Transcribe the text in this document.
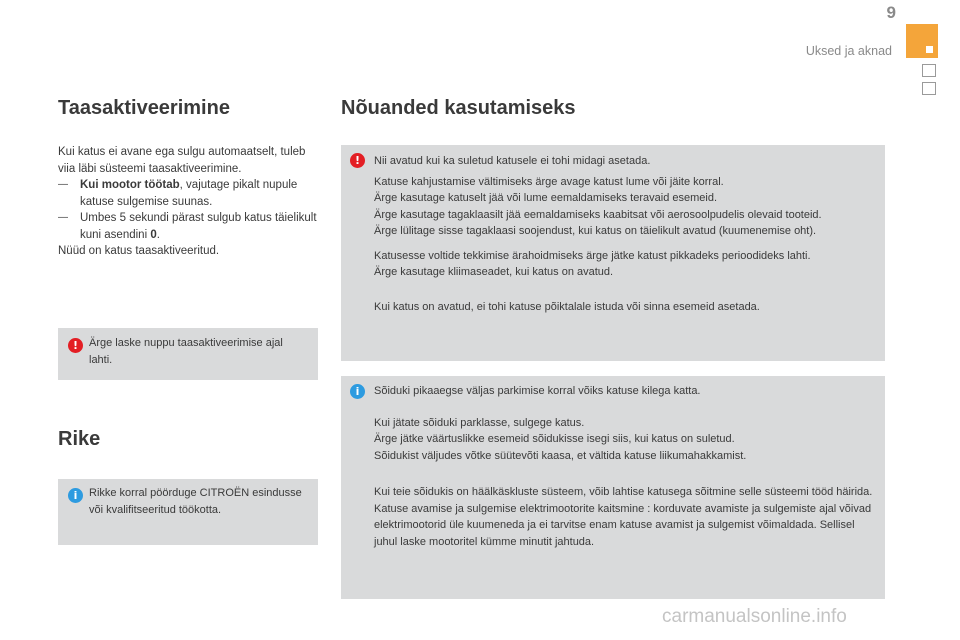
9
Uksed ja aknad
Taasaktiveerimine
Kui katus ei avane ega sulgu automaatselt, tuleb viia läbi süsteemi taasaktiveerimine.
— Kui mootor töötab, vajutage pikalt nupule katuse sulgemise suunas.
— Umbes 5 sekundi pärast sulgub katus täielikult kuni asendini 0.
Nüüd on katus taasaktiveeritud.
! Ärge laske nuppu taasaktiveerimise ajal lahti.

Rike
i	Rikke korral pöörduge CITROËN esindusse või kvalifitseeritud töökotta.

Nõuanded kasutamiseks
!	Nii avatud kui ka suletud katusele ei tohi midagi asetada.

Katuse kahjustamise vältimiseks ärge avage katust lume või jäite korral.

Ärge kasutage katuselt jää või lume eemaldamiseks teravaid esemeid.

Ärge kasutage tagaklaasilt jää eemaldamiseks kaabitsat või aerosoolpudelis olevaid tooteid.

Ärge lülitage sisse tagaklaasi soojendust, kui katus on täielikult avatud (kuumenemise oht).

Katusesse voltide tekkimise ärahoidmiseks ärge jätke katust pikkadeks perioodideks lahti.

Ärge kasutage kliimaseadet, kui katus on avatud.

Kui katus on avatud, ei tohi katuse põiktalale istuda või sinna esemeid asetada.

i	Sõiduki pikaaegse väljas parkimise korral võiks katuse kilega katta.

Kui jätate sõiduki parklasse, sulgege katus.

Ärge jätke väärtuslikke esemeid sõidukisse isegi siis, kui katus on suletud.

Sõidukist väljudes võtke süütevõti kaasa, et vältida katuse liikumahakkamist.

Kui teie sõidukis on häälkäskluste süsteem, võib lahtise katusega sõitmine selle süsteemi tööd häirida.

Katuse avamise ja sulgemise elektrimootorite kaitsmine : korduvate avamiste ja sulgemiste ajal võivad elektrimootorid üle kuumeneda ja ei tarvitse enam katuse avamist ja sulgemist võimaldada. Sellisel juhul laske mootoritel kümme minutit jahtuda.

carmanualsonline.info
